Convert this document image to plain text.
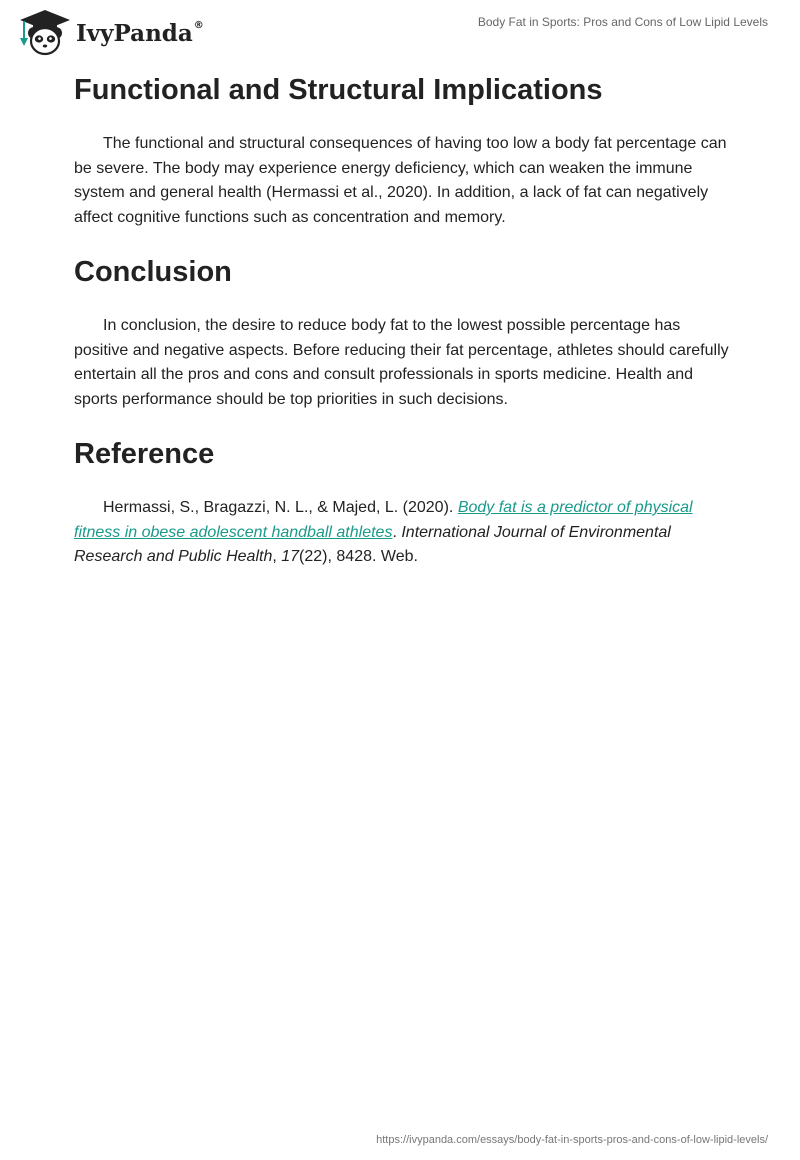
IvyPanda®	Body Fat in Sports: Pros and Cons of Low Lipid Levels
Functional and Structural Implications

The functional and structural consequences of having too low a body fat percentage can be severe. The body may experience energy deficiency, which can weaken the immune system and general health (Hermassi et al., 2020). In addition, a lack of fat can negatively affect cognitive functions such as concentration and memory.

Conclusion

In conclusion, the desire to reduce body fat to the lowest possible percentage has positive and negative aspects. Before reducing their fat percentage, athletes should carefully entertain all the pros and cons and consult professionals in sports medicine. Health and sports performance should be top priorities in such decisions.

Reference

Hermassi, S., Bragazzi, N. L., & Majed, L. (2020). Body fat is a predictor of physical fitness in obese adolescent handball athletes. International Journal of Environmental Research and Public Health, 17(22), 8428. Web.

https://ivypanda.com/essays/body-fat-in-sports-pros-and-cons-of-low-lipid-levels/
